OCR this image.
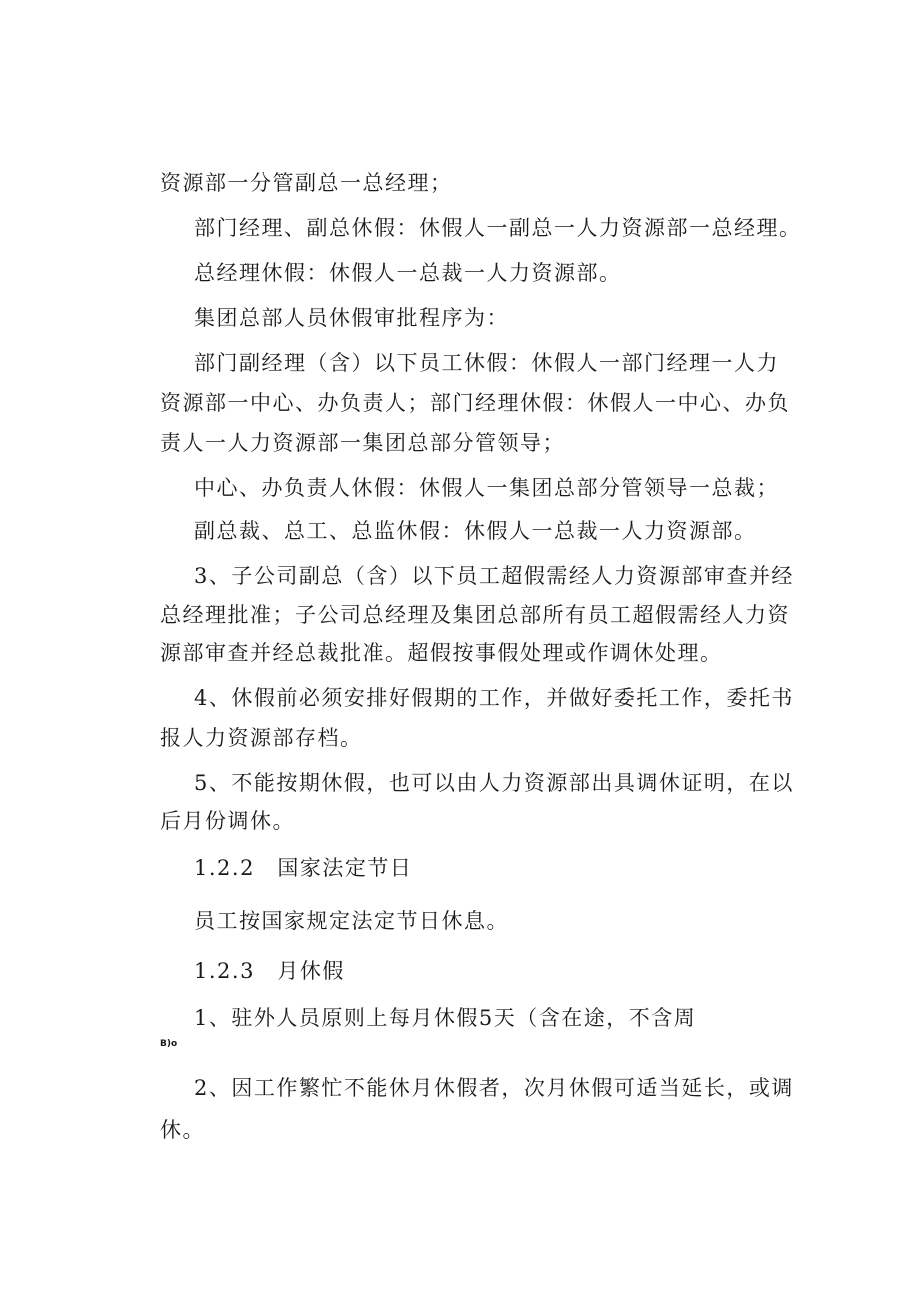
资源部一分管副总一总经理；
部门经理、副总休假：休假人一副总一人力资源部一总经理。
总经理休假：休假人一总裁一人力资源部。
集团总部人员休假审批程序为：
部门副经理（含）以下员工休假：休假人一部门经理一人力
资源部一中心、办负责人；部门经理休假：休假人一中心、办负
责人一人力资源部一集团总部分管领导；
中心、办负责人休假：休假人一集团总部分管领导一总裁；
副总裁、总工、总监休假：休假人一总裁一人力资源部。
3、子公司副总（含）以下员工超假需经人力资源部审查并经
总经理批准；子公司总经理及集团总部所有员工超假需经人力资
源部审查并经总裁批准。超假按事假处理或作调休处理。
4、休假前必须安排好假期的工作，并做好委托工作，委托书
报人力资源部存档。
5、不能按期休假，也可以由人力资源部出具调休证明，在以
后月份调休。
1.2.2　国家法定节日
员工按国家规定法定节日休息。
1.2.3　月休假
1、驻外人员原则上每月休假5天（含在途，不含周
B)o
2、因工作繁忙不能休月休假者，次月休假可适当延长，或调
休。
